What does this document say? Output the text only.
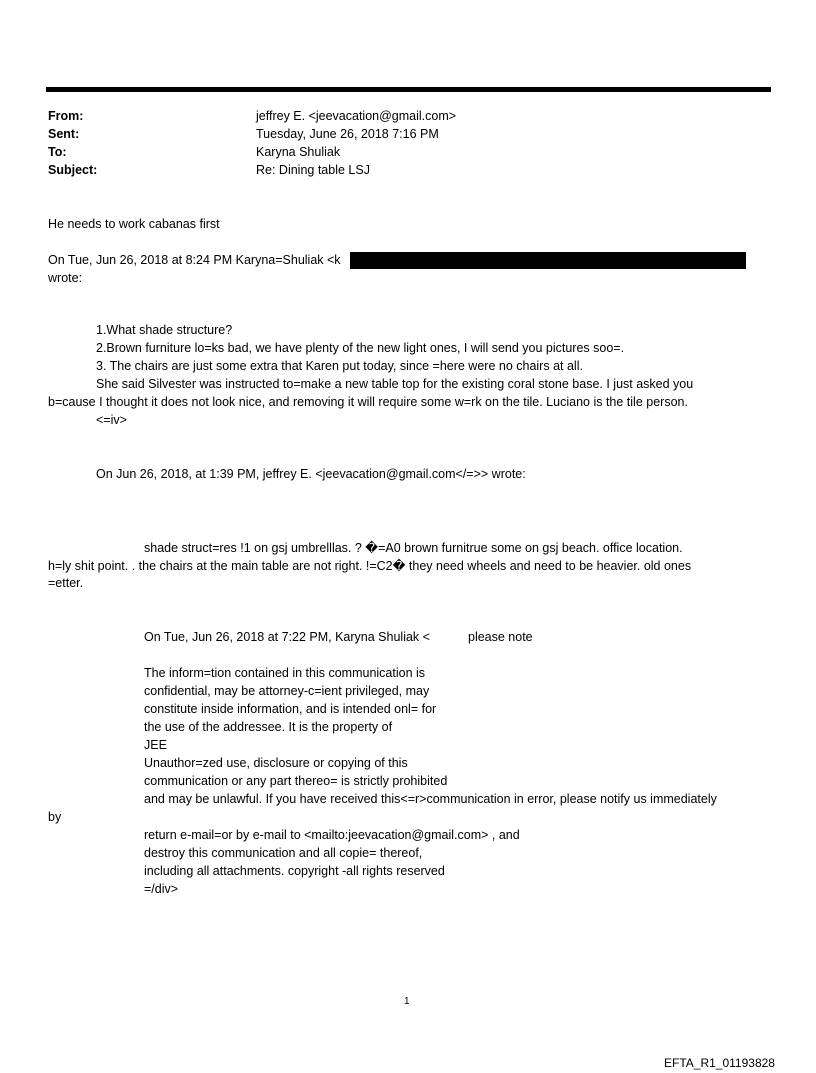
From:	jeffrey E. <jeevacation@gmail.com>
Sent:	Tuesday, June 26, 2018 7:16 PM
To:	Karyna Shuliak
Subject:	Re: Dining table LSJ
He needs to work cabanas first
On Tue, Jun 26, 2018 at 8:24 PM Karyna=Shuliak <k
wrote:
1.What shade structure?
2.Brown furniture lo=ks bad, we have plenty of the new light ones, I will send you pictures soo=.
3. The chairs are just some extra that Karen put today, since =here were no chairs at all.
She said Silvester was instructed to=make a new table top for the existing coral stone base. I just asked you
b=cause I thought it does not look nice, and removing it will require some w=rk on the tile. Luciano is the tile person.
<=iv>
On Jun 26, 2018, at 1:39 PM, jeffrey E. <jeevacation@gmail.com</=>> wrote:
shade struct=res !1 on gsj umbrelllas. ? �=A0 brown furnitrue some on gsj beach. office location.
h=ly shit point. . the chairs at the main table are not right. !=C2� they need wheels and need to be heavier. old ones
=etter.
On Tue, Jun 26, 2018 at 7:22 PM, Karyna Shuliak <	please note
The inform=tion contained in this communication is
confidential, may be attorney-c=ient privileged, may
constitute inside information, and is intended onl= for
the use of the addressee. It is the property of
JEE
Unauthor=zed use, disclosure or copying of this
communication or any part thereo= is strictly prohibited
and may be unlawful. If you have received this<=r>communication in error, please notify us immediately
by
return e-mail=or by e-mail to <mailto:jeevacation@gmail.com> , and
destroy this communication and all copie= thereof,
including all attachments. copyright -all rights reserved
=/div>
1
EFTA_R1_01193828
